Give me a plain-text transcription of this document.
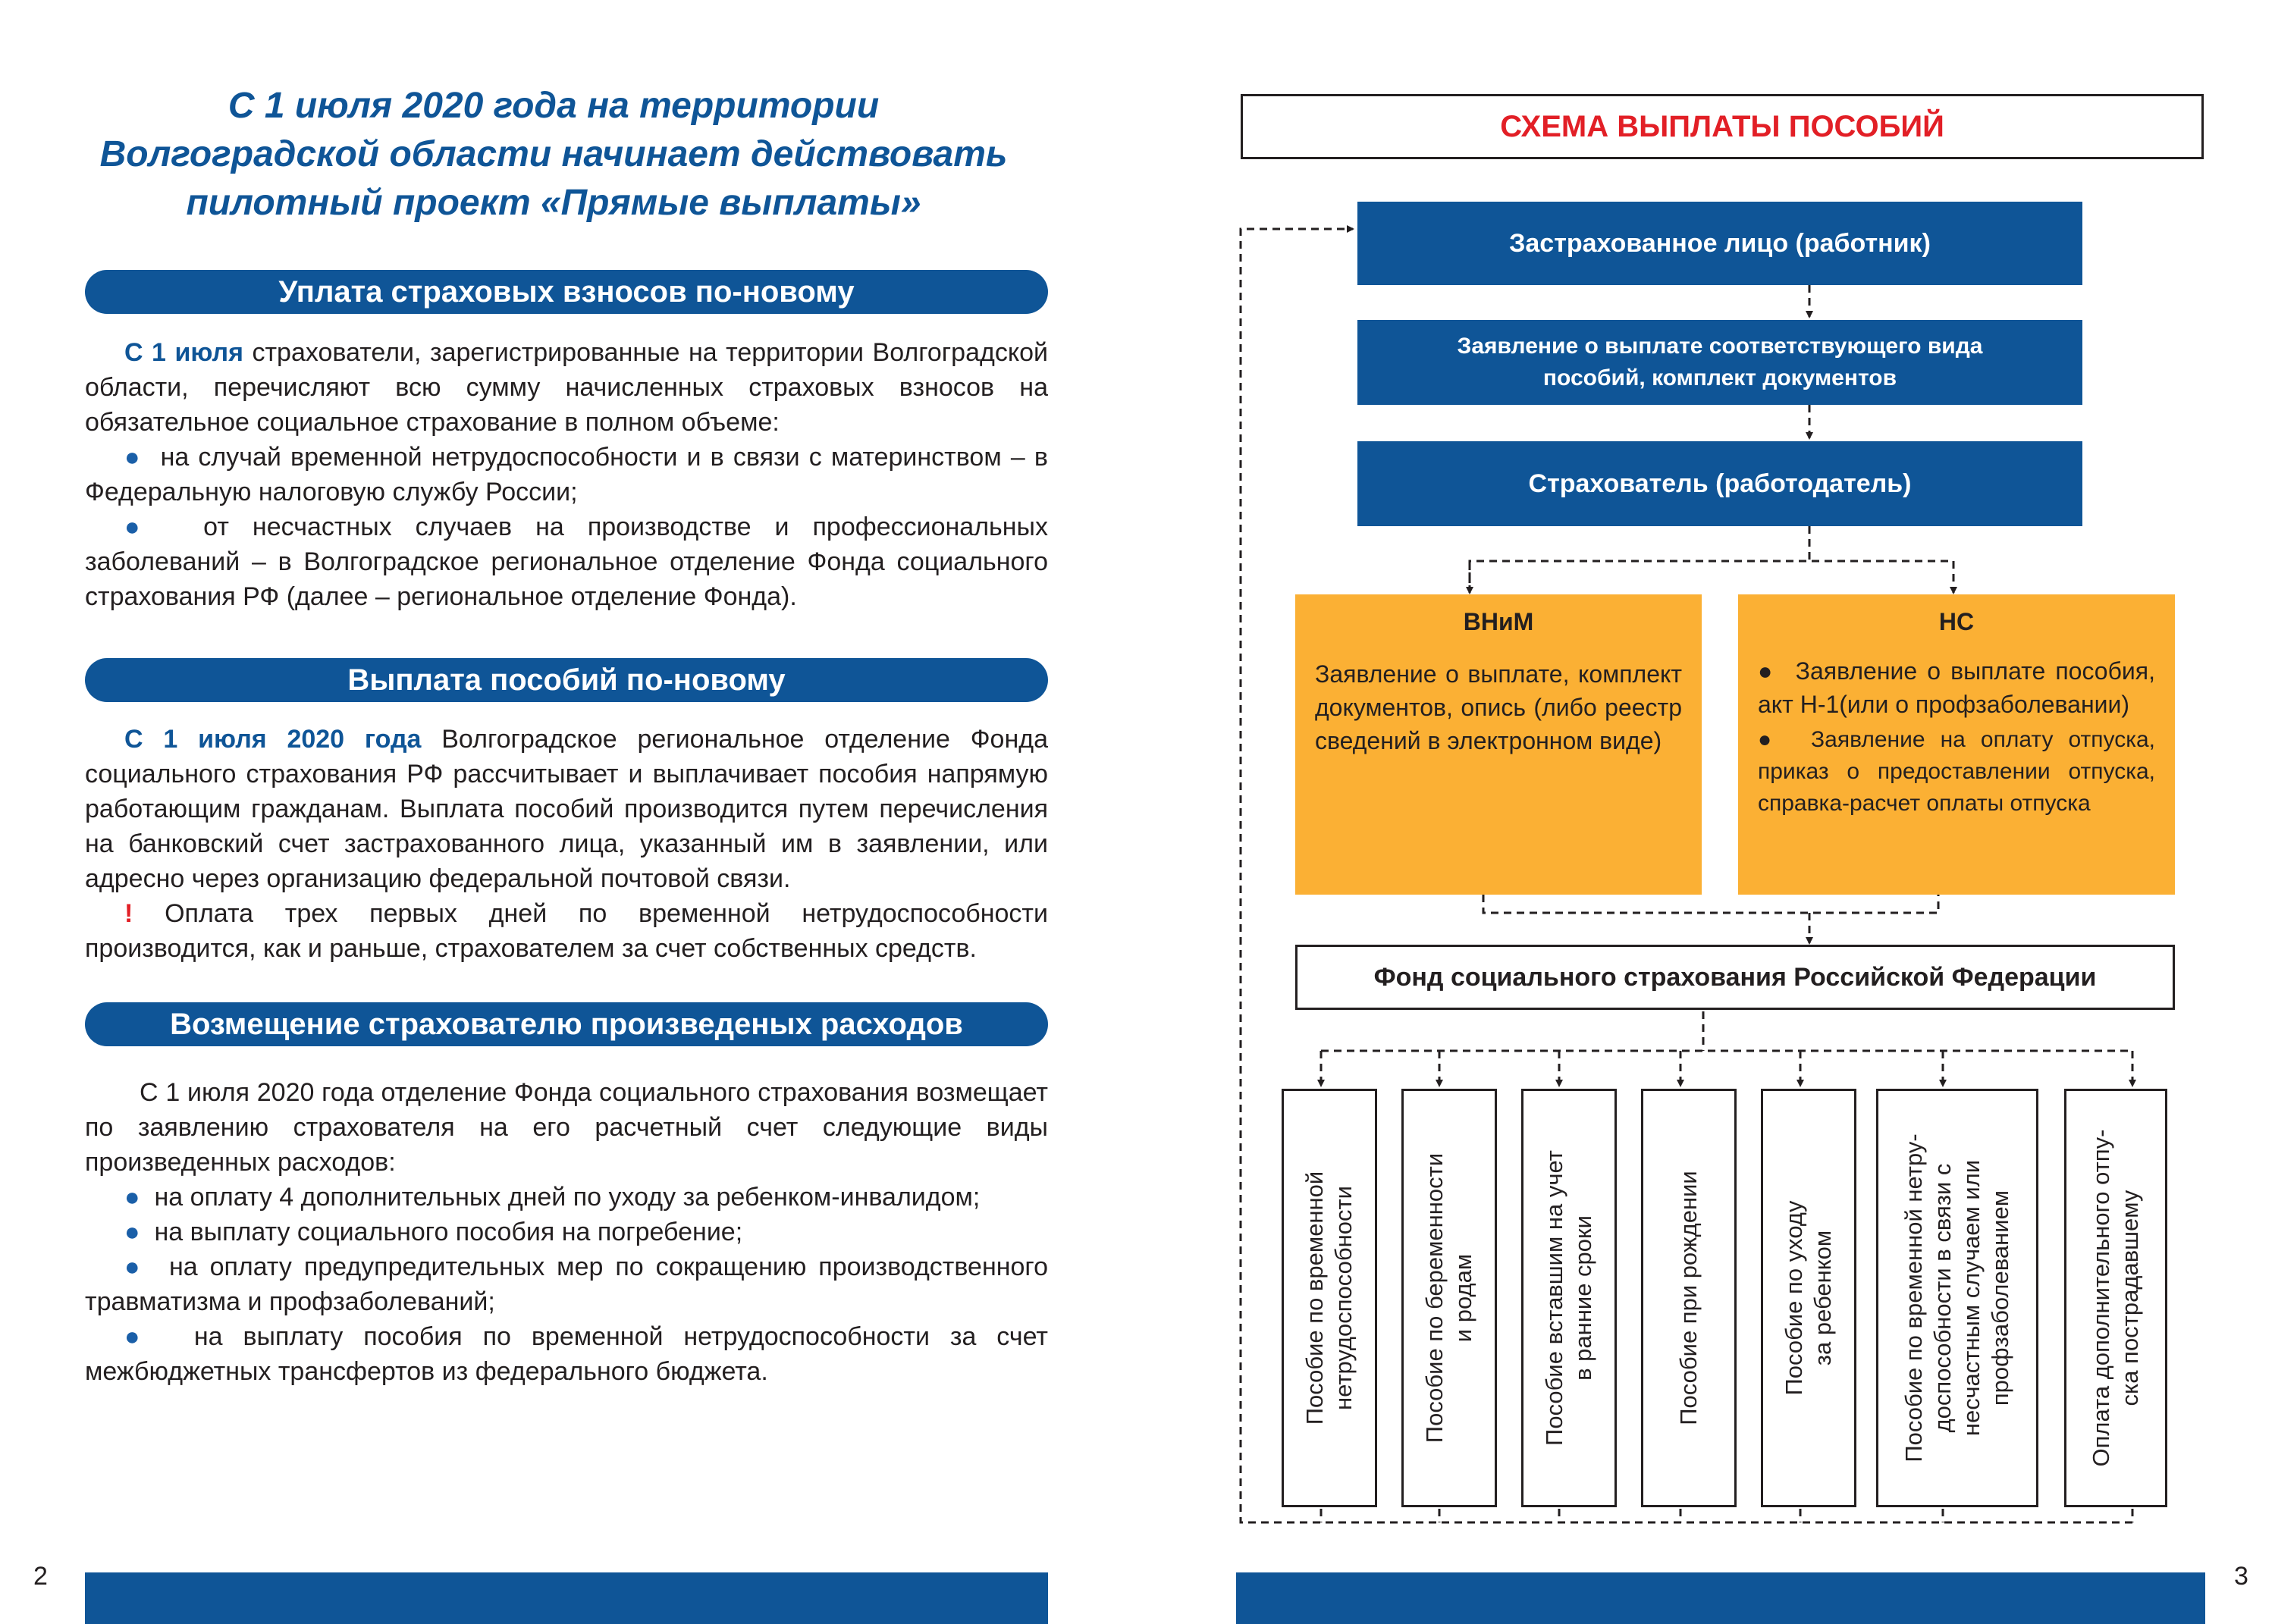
С 1 июля 2020 года на территории
Волгоградской области начинает действовать
пилотный проект «Прямые выплаты»
Уплата страховых взносов по-новому

С 1 июля страхователи, зарегистрированные на территории Волгоградской области, перечисляют всю сумму начисленных страховых взносов на обязательное социальное страхование в полном объеме:

● на случай временной нетрудоспособности и в связи с материнством – в Федеральную налоговую службу России;

● от несчастных случаев на производстве и профессиональных заболеваний – в Волгоградское региональное отделение Фонда социального страхования РФ (далее – региональное отделение Фонда).

Выплата пособий по-новому

С 1 июля 2020 года Волгоградское региональное отделение Фонда социального страхования РФ рассчитывает и выплачивает пособия напрямую работающим гражданам. Выплата пособий производится путем перечисления на банковский счет застрахованного лица, указанный им в заявлении, или адресно через организацию федеральной почтовой связи.

! Оплата трех первых дней по временной нетрудоспособности производится, как и раньше, страхователем за счет собственных средств.

Возмещение страхователю произведеных расходов

С 1 июля 2020 года отделение Фонда социального страхования возмещает по заявлению страхователя на его расчетный счет следующие виды произведенных расходов:

● на оплату 4 дополнительных дней по уходу за ребенком-инвалидом;

● на выплату социального пособия на погребение;

● на оплату предупредительных мер по сокращению производственного травматизма и профзаболеваний;

● на выплату пособия по временной нетрудоспособности за счет межбюджетных трансфертов из федерального бюджета.

2
СХЕМА ВЫПЛАТЫ ПОСОБИЙ
Застрахованное лицо (работник)
Заявление о выплате соответствующего вида
пособий, комплект документов
Страхователь (работодатель)
ВНиМ
Заявление о выплате, комплект документов, опись (либо реестр сведений в электронном виде)
НС
● Заявление о выплате пособия, акт Н-1(или о профзаболевании)
● Заявление на оплату отпуска, приказ о предоставлении отпуска, справка-расчет оплаты отпуска
Фонд социального страхования Российской Федерации
Пособие по временной нетрудоспособности	Пособие по беременности и родам	Пособие вставшим на учет в ранние сроки	Пособие при рождении	Пособие по уходу за ребенком	Пособие по временной нетру- доспособности в связи с несчастным случаем или профзаболеванием	Оплата дополнительного отпу- ска пострадавшему
3
